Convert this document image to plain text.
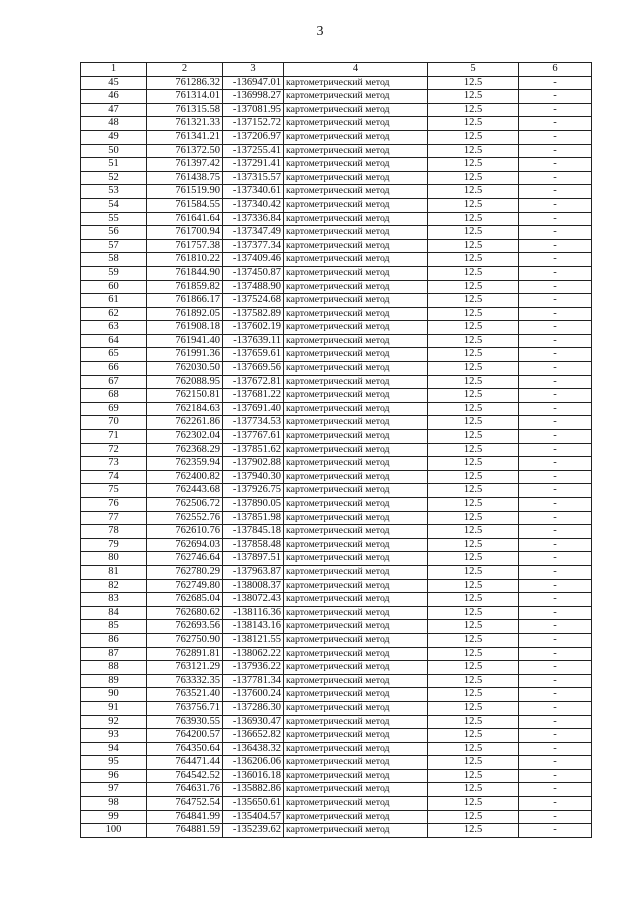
3
1	2	3	4	5	6
45	761286.32	-136947.01	картометрический метод	12.5	-
46	761314.01	-136998.27	картометрический метод	12.5	-
47	761315.58	-137081.95	картометрический метод	12.5	-
48	761321.33	-137152.72	картометрический метод	12.5	-
49	761341.21	-137206.97	картометрический метод	12.5	-
50	761372.50	-137255.41	картометрический метод	12.5	-
51	761397.42	-137291.41	картометрический метод	12.5	-
52	761438.75	-137315.57	картометрический метод	12.5	-
53	761519.90	-137340.61	картометрический метод	12.5	-
54	761584.55	-137340.42	картометрический метод	12.5	-
55	761641.64	-137336.84	картометрический метод	12.5	-
56	761700.94	-137347.49	картометрический метод	12.5	-
57	761757.38	-137377.34	картометрический метод	12.5	-
58	761810.22	-137409.46	картометрический метод	12.5	-
59	761844.90	-137450.87	картометрический метод	12.5	-
60	761859.82	-137488.90	картометрический метод	12.5	-
61	761866.17	-137524.68	картометрический метод	12.5	-
62	761892.05	-137582.89	картометрический метод	12.5	-
63	761908.18	-137602.19	картометрический метод	12.5	-
64	761941.40	-137639.11	картометрический метод	12.5	-
65	761991.36	-137659.61	картометрический метод	12.5	-
66	762030.50	-137669.56	картометрический метод	12.5	-
67	762088.95	-137672.81	картометрический метод	12.5	-
68	762150.81	-137681.22	картометрический метод	12.5	-
69	762184.63	-137691.40	картометрический метод	12.5	-
70	762261.86	-137734.53	картометрический метод	12.5	-
71	762302.04	-137767.61	картометрический метод	12.5	-
72	762368.29	-137851.62	картометрический метод	12.5	-
73	762359.94	-137902.88	картометрический метод	12.5	-
74	762400.82	-137940.30	картометрический метод	12.5	-
75	762443.68	-137926.75	картометрический метод	12.5	-
76	762506.72	-137890.05	картометрический метод	12.5	-
77	762552.76	-137851.98	картометрический метод	12.5	-
78	762610.76	-137845.18	картометрический метод	12.5	-
79	762694.03	-137858.48	картометрический метод	12.5	-
80	762746.64	-137897.51	картометрический метод	12.5	-
81	762780.29	-137963.87	картометрический метод	12.5	-
82	762749.80	-138008.37	картометрический метод	12.5	-
83	762685.04	-138072.43	картометрический метод	12.5	-
84	762680.62	-138116.36	картометрический метод	12.5	-
85	762693.56	-138143.16	картометрический метод	12.5	-
86	762750.90	-138121.55	картометрический метод	12.5	-
87	762891.81	-138062.22	картометрический метод	12.5	-
88	763121.29	-137936.22	картометрический метод	12.5	-
89	763332.35	-137781.34	картометрический метод	12.5	-
90	763521.40	-137600.24	картометрический метод	12.5	-
91	763756.71	-137286.30	картометрический метод	12.5	-
92	763930.55	-136930.47	картометрический метод	12.5	-
93	764200.57	-136652.82	картометрический метод	12.5	-
94	764350.64	-136438.32	картометрический метод	12.5	-
95	764471.44	-136206.06	картометрический метод	12.5	-
96	764542.52	-136016.18	картометрический метод	12.5	-
97	764631.76	-135882.86	картометрический метод	12.5	-
98	764752.54	-135650.61	картометрический метод	12.5	-
99	764841.99	-135404.57	картометрический метод	12.5	-
100	764881.59	-135239.62	картометрический метод	12.5	-
